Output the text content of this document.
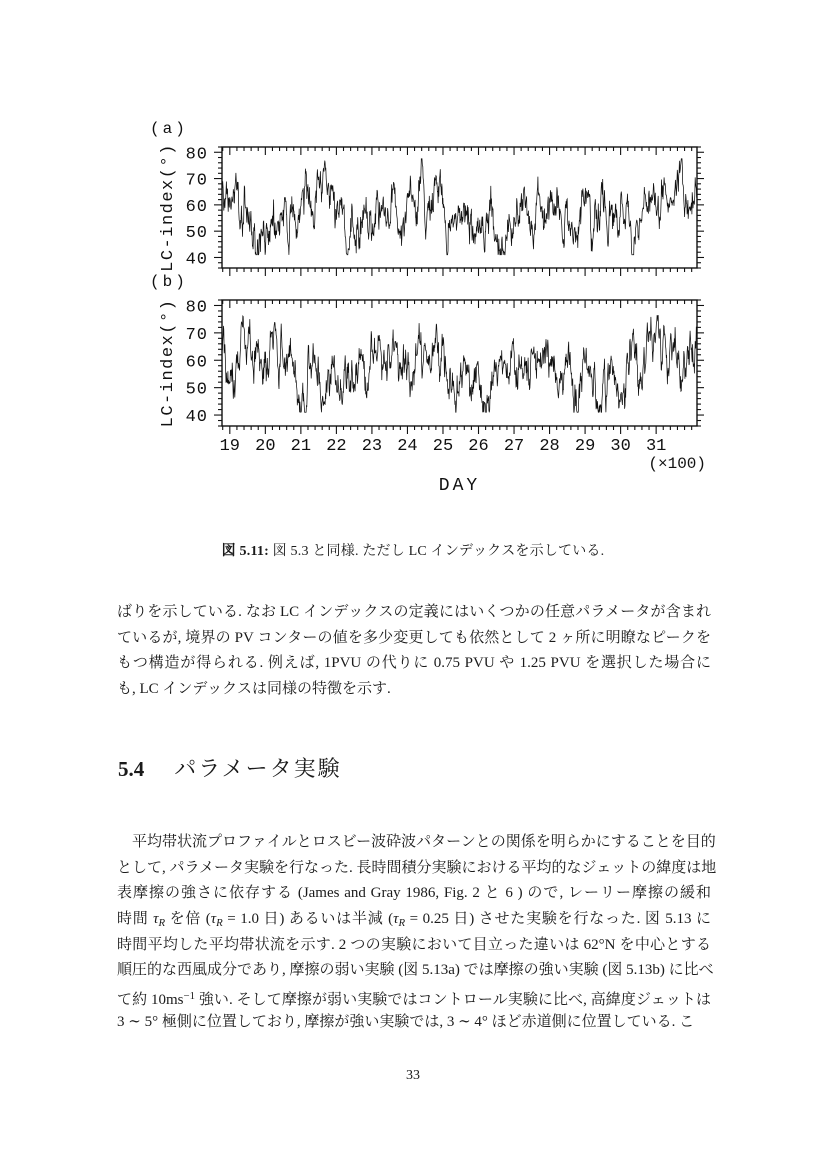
40
50
60
70
80
LC-index(°)
(a)
40
50
60
70
80
LC-index(°)
(b)
19 20 21 22 23 24 25 26 27 28 29 30 31
(×100)
DAY
図 5.11: 図 5.3 と同様. ただし LC インデックスを示している.
ばりを示している. なお LC インデックスの定義にはいくつかの任意パラメータが含まれ
ているが, 境界の PV コンターの値を多少変更しても依然として 2 ヶ所に明瞭なピークを
もつ構造が得られる. 例えば, 1PVU の代りに 0.75 PVU や 1.25 PVU を選択した場合に
も, LC インデックスは同様の特徴を示す.
5.4 パラメータ実験
　平均帯状流プロファイルとロスビー波砕波パターンとの関係を明らかにすることを目的
として, パラメータ実験を行なった. 長時間積分実験における平均的なジェットの緯度は地
表摩擦の強さに依存する (James and Gray 1986, Fig. 2 と 6 ) ので, レーリー摩擦の緩和
時間 $\tau_R$ を倍 ($\tau_R = 1.0$ 日) あるいは半減 ($\tau_R = 0.25$ 日) させた実験を行なった. 図 5.13 に
時間平均した平均帯状流を示す. 2 つの実験において目立った違いは 62°N を中心とする
順圧的な西風成分であり, 摩擦の弱い実験 (図 5.13a) では摩擦の強い実験 (図 5.13b) に比べ
て約 $10ms^{-1}$ 強い. そして摩擦が弱い実験ではコントロール実験に比べ, 高緯度ジェットは
3 ∼ 5° 極側に位置しており, 摩擦が強い実験では, 3 ∼ 4° ほど赤道側に位置している. こ
33
